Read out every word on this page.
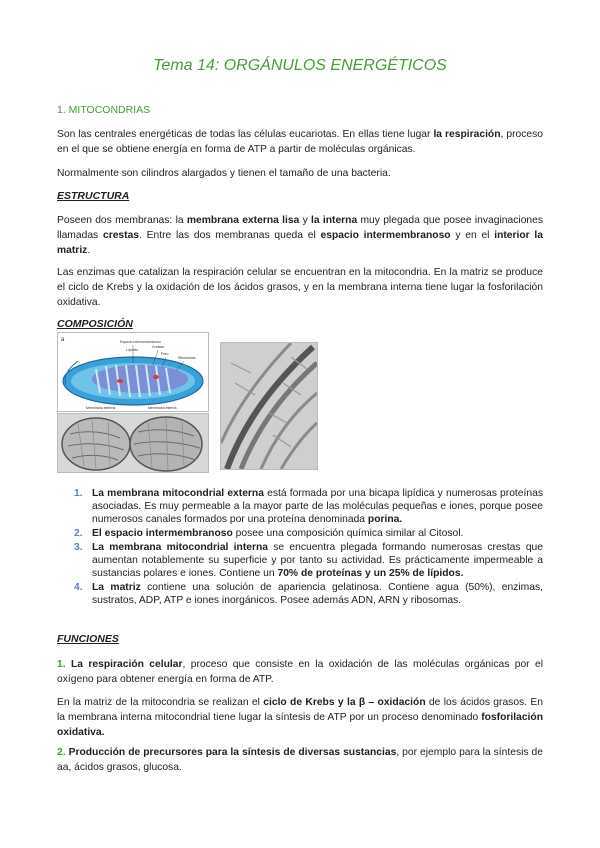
Tema 14: ORGÁNULOS ENERGÉTICOS
1. MITOCONDRIAS
Son las centrales energéticas de todas las células eucariotas. En ellas tiene lugar la respiración, proceso en el que se obtiene energía en forma de ATP a partir de moléculas orgánicas.
Normalmente son cilindros alargados y tienen el tamaño de una bacteria.
ESTRUCTURA
Poseen dos membranas: la membrana externa lisa y la interna muy plegada que posee invaginaciones llamadas crestas. Entre las dos membranas queda el espacio intermembranoso y en el interior la matriz.
Las enzimas que catalizan la respiración celular se encuentran en la mitocondria. En la matriz se produce el ciclo de Krebs y la oxidación de los ácidos grasos, y en la membrana interna tiene lugar la fosforilación oxidativa.
COMPOSICIÓN
a	Espacio intermembranoso
Crestas
Lipocito
Poro
Ribosomas
Membrana externa	Membrana interna
1. La membrana mitocondrial externa está formada por una bicapa lipídica y numerosas proteínas asociadas. Es muy permeable a la mayor parte de las moléculas pequeñas e iones, porque posee numerosos canales formados por una proteína denominada porina.
2. El espacio intermembranoso posee una composición química similar al Citosol.
3. La membrana mitocondrial interna se encuentra plegada formando numerosas crestas que aumentan notablemente su superficie y por tanto su actividad. Es prácticamente impermeable a sustancias polares e iones. Contiene un 70% de proteínas y un 25% de lípidos.
4. La matriz contiene una solución de apariencia gelatinosa. Contiene agua (50%), enzimas, sustratos, ADP, ATP e iones inorgánicos. Posee además ADN, ARN y ribosomas.
FUNCIONES
1. La respiración celular, proceso que consiste en la oxidación de las moléculas orgánicas por el oxígeno para obtener energía en forma de ATP.
En la matriz de la mitocondria se realizan el ciclo de Krebs y la β – oxidación de los ácidos grasos. En la membrana interna mitocondrial tiene lugar la síntesis de ATP por un proceso denominado fosforilación oxidativa.
2. Producción de precursores para la síntesis de diversas sustancias, por ejemplo para la síntesis de aa, ácidos grasos, glucosa.
